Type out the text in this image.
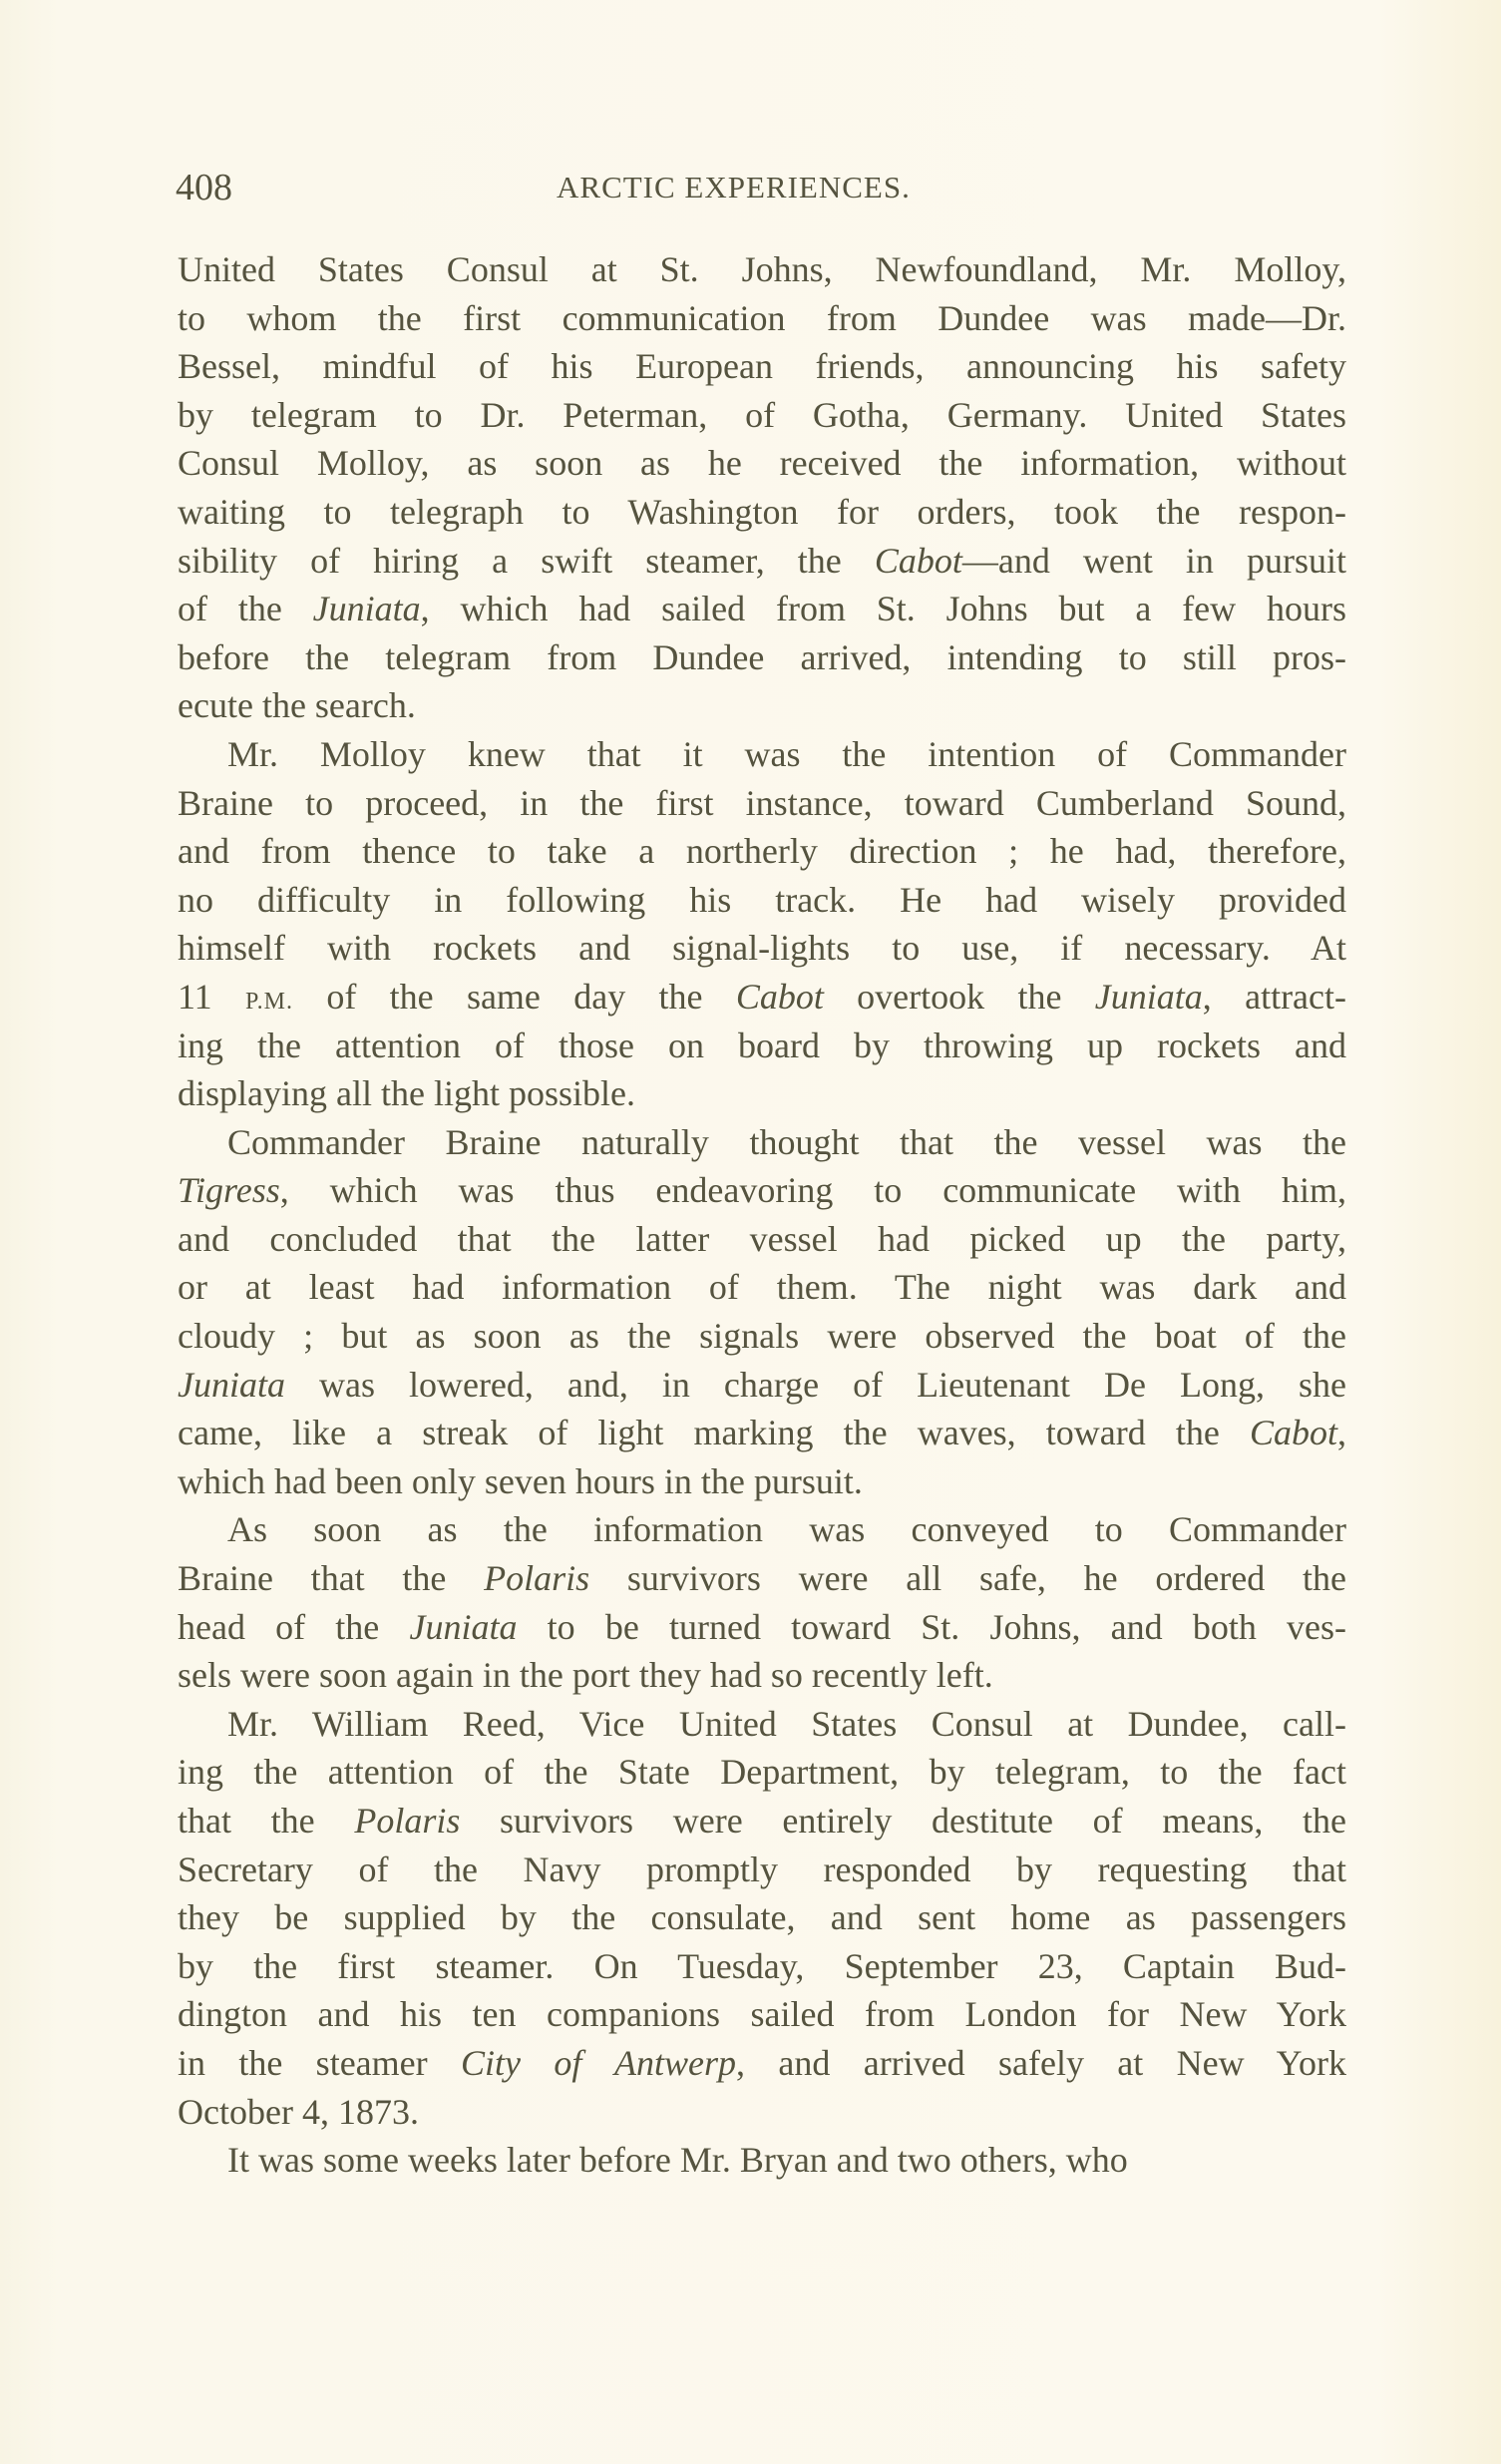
408	ARCTIC EXPERIENCES.
United States Consul at St. Johns, Newfoundland, Mr. Molloy,
to whom the first communication from Dundee was made—Dr.
Bessel, mindful of his European friends, announcing his safety
by telegram to Dr. Peterman, of Gotha, Germany. United States
Consul Molloy, as soon as he received the information, without
waiting to telegraph to Washington for orders, took the respon-
sibility of hiring a swift steamer, the Cabot—and went in pursuit
of the Juniata, which had sailed from St. Johns but a few hours
before the telegram from Dundee arrived, intending to still pros-
ecute the search.
Mr. Molloy knew that it was the intention of Commander
Braine to proceed, in the first instance, toward Cumberland Sound,
and from thence to take a northerly direction ; he had, therefore,
no difficulty in following his track. He had wisely provided
himself with rockets and signal-lights to use, if necessary. At
11 P.M. of the same day the Cabot overtook the Juniata, attract-
ing the attention of those on board by throwing up rockets and
displaying all the light possible.
Commander Braine naturally thought that the vessel was the
Tigress, which was thus endeavoring to communicate with him,
and concluded that the latter vessel had picked up the party,
or at least had information of them. The night was dark and
cloudy ; but as soon as the signals were observed the boat of the
Juniata was lowered, and, in charge of Lieutenant De Long, she
came, like a streak of light marking the waves, toward the Cabot,
which had been only seven hours in the pursuit.
As soon as the information was conveyed to Commander
Braine that the Polaris survivors were all safe, he ordered the
head of the Juniata to be turned toward St. Johns, and both ves-
sels were soon again in the port they had so recently left.
Mr. William Reed, Vice United States Consul at Dundee, call-
ing the attention of the State Department, by telegram, to the fact
that the Polaris survivors were entirely destitute of means, the
Secretary of the Navy promptly responded by requesting that
they be supplied by the consulate, and sent home as passengers
by the first steamer. On Tuesday, September 23, Captain Bud-
dington and his ten companions sailed from London for New York
in the steamer City of Antwerp, and arrived safely at New York
October 4, 1873.
It was some weeks later before Mr. Bryan and two others, who
